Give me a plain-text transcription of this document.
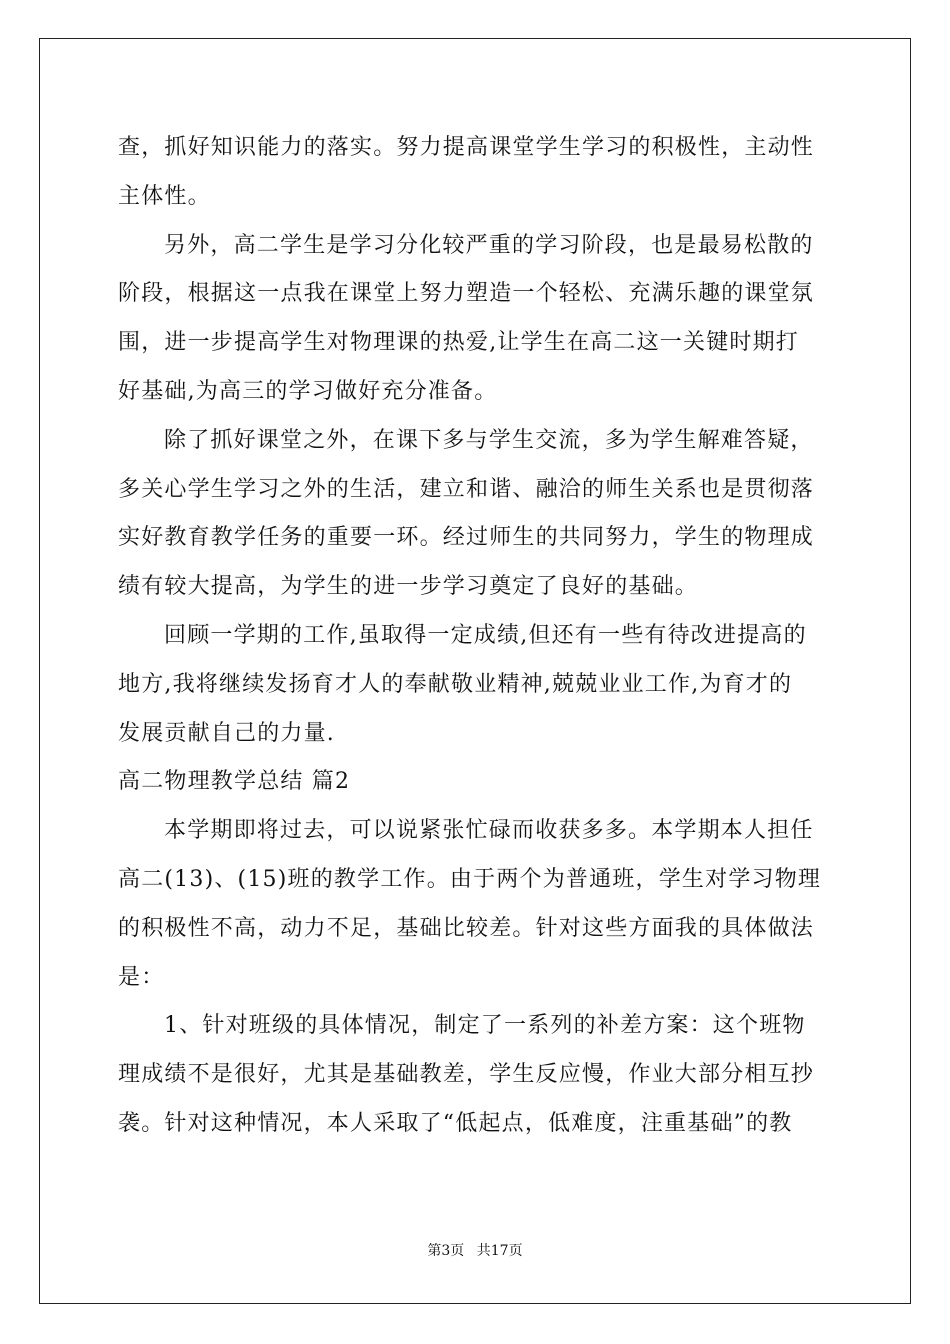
查，抓好知识能力的落实。努力提高课堂学生学习的积极性，主动性
主体性。
另外，高二学生是学习分化较严重的学习阶段，也是最易松散的
阶段，根据这一点我在课堂上努力塑造一个轻松、充满乐趣的课堂氛
围，进一步提高学生对物理课的热爱,让学生在高二这一关键时期打
好基础,为高三的学习做好充分准备。
除了抓好课堂之外，在课下多与学生交流，多为学生解难答疑，
多关心学生学习之外的生活，建立和谐、融洽的师生关系也是贯彻落
实好教育教学任务的重要一环。经过师生的共同努力，学生的物理成
绩有较大提高，为学生的进一步学习奠定了良好的基础。
回顾一学期的工作,虽取得一定成绩,但还有一些有待改进提高的
地方,我将继续发扬育才人的奉献敬业精神,兢兢业业工作,为育才的
发展贡献自己的力量.
高二物理教学总结 篇2
本学期即将过去，可以说紧张忙碌而收获多多。本学期本人担任
高二(13)、(15)班的教学工作。由于两个为普通班，学生对学习物理
的积极性不高，动力不足，基础比较差。针对这些方面我的具体做法
是：
1、针对班级的具体情况，制定了一系列的补差方案：这个班物
理成绩不是很好，尤其是基础教差，学生反应慢，作业大部分相互抄
袭。针对这种情况，本人采取了“低起点，低难度，注重基础”的教
第3页 共17页
